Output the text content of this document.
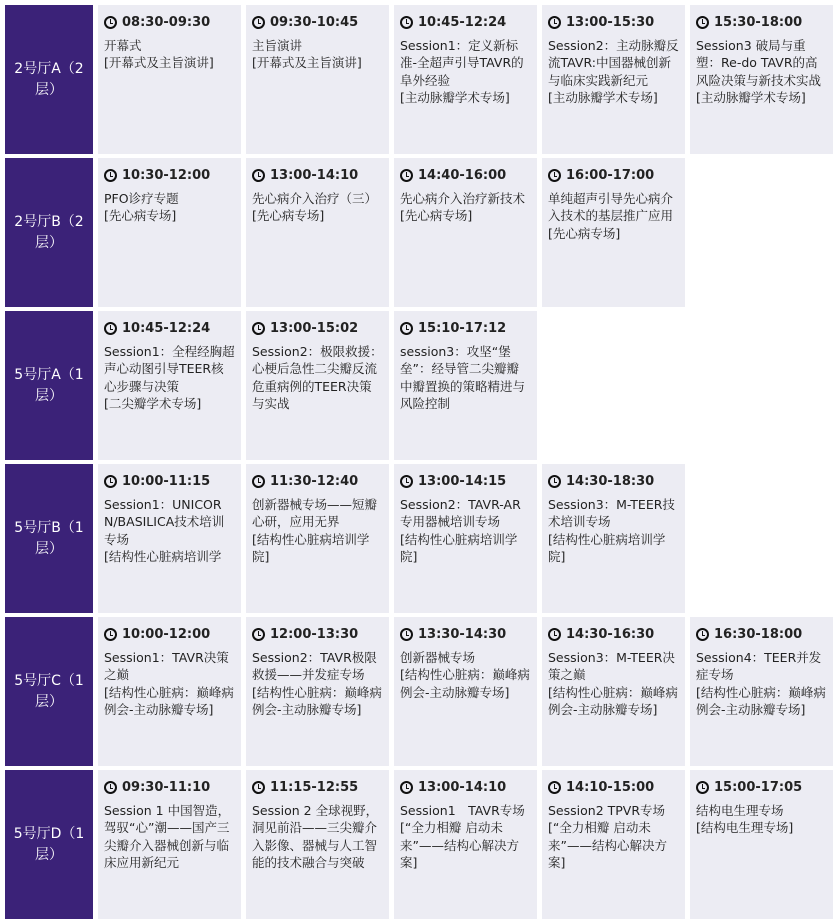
2号厅A（2层）
08:30-09:30
开幕式
[开幕式及主旨演讲]
09:30-10:45
主旨演讲
[开幕式及主旨演讲]
10:45-12:24
Session1：定义新标准-全超声引导TAVR的阜外经验
[主动脉瓣学术专场]
13:00-15:30
Session2：主动脉瓣反流TAVR:中国器械创新与临床实践新纪元
[主动脉瓣学术专场]
15:30-18:00
Session3 破局与重塑：Re-do TAVR的高风险决策与新技术实战
[主动脉瓣学术专场]
2号厅B（2层）
10:30-12:00
PFO诊疗专题
[先心病专场]
13:00-14:10
先心病介入治疗（三）
[先心病专场]
14:40-16:00
先心病介入治疗新技术
[先心病专场]
16:00-17:00
单纯超声引导先心病介入技术的基层推广应用
[先心病专场]
5号厅A（1层）
10:45-12:24
Session1：全程经胸超声心动图引导TEER核心步骤与决策
[二尖瓣学术专场]
13:00-15:02
Session2：极限救援：心梗后急性二尖瓣反流危重病例的TEER决策与实战
15:10-17:12
session3：攻坚“堡垒”：经导管二尖瓣瓣中瓣置换的策略精进与风险控制
5号厅B（1层）
10:00-11:15
Session1：UNICORN/BASILICA技术培训专场
[结构性心脏病培训学
11:30-12:40
创新器械专场——短瓣心研，应用无界
[结构性心脏病培训学院]
13:00-14:15
Session2：TAVR-AR专用器械培训专场
[结构性心脏病培训学院]
14:30-18:30
Session3：M-TEER技术培训专场
[结构性心脏病培训学院]
5号厅C（1层）
10:00-12:00
Session1：TAVR决策之巅
[结构性心脏病：巅峰病例会-主动脉瓣专场]
12:00-13:30
Session2：TAVR极限救援——并发症专场
[结构性心脏病：巅峰病例会-主动脉瓣专场]
13:30-14:30
创新器械专场
[结构性心脏病：巅峰病例会-主动脉瓣专场]
14:30-16:30
Session3：M-TEER决策之巅
[结构性心脏病：巅峰病例会-主动脉瓣专场]
16:30-18:00
Session4：TEER并发症专场
[结构性心脏病：巅峰病例会-主动脉瓣专场]
5号厅D（1层）
09:30-11:10
Session 1 中国智造，驾驭“心”潮——国产三尖瓣介入器械创新与临床应用新纪元
11:15-12:55
Session 2 全球视野，洞见前沿——三尖瓣介入影像、器械与人工智能的技术融合与突破
13:00-14:10
Session1　TAVR专场
[“全力相瓣 启动未来”——结构心解决方案]
14:10-15:00
Session2 TPVR专场
[“全力相瓣 启动未来”——结构心解决方案]
15:00-17:05
结构电生理专场
[结构电生理专场]
